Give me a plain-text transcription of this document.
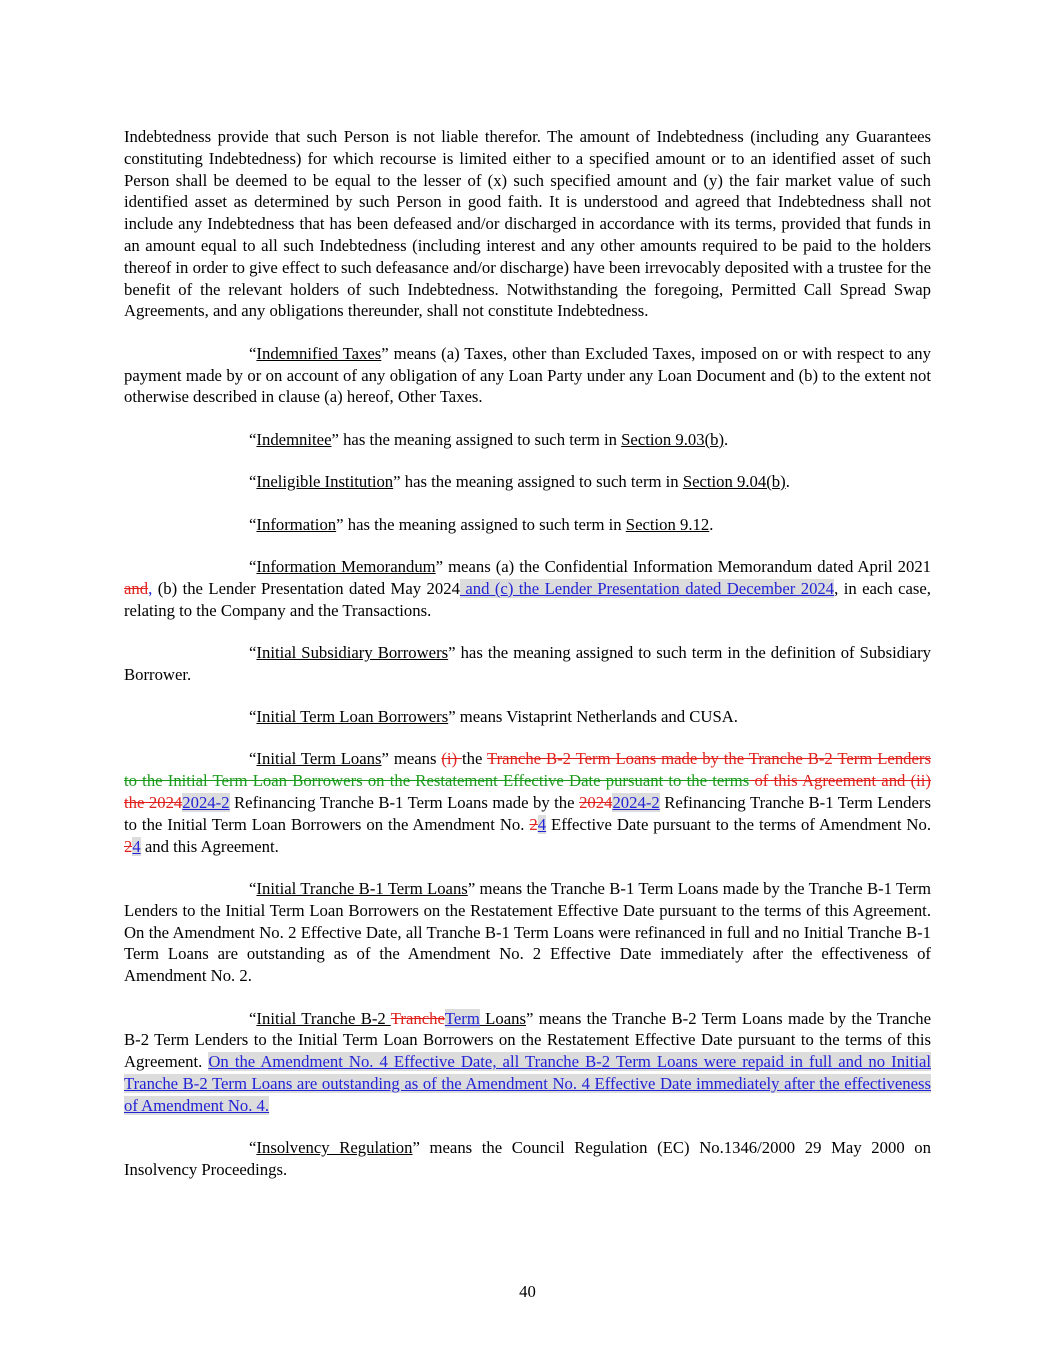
Indebtedness provide that such Person is not liable therefor. The amount of Indebtedness (including any Guarantees constituting Indebtedness) for which recourse is limited either to a specified amount or to an identified asset of such Person shall be deemed to be equal to the lesser of (x) such specified amount and (y) the fair market value of such identified asset as determined by such Person in good faith. It is understood and agreed that Indebtedness shall not include any Indebtedness that has been defeased and/or discharged in accordance with its terms, provided that funds in an amount equal to all such Indebtedness (including interest and any other amounts required to be paid to the holders thereof in order to give effect to such defeasance and/or discharge) have been irrevocably deposited with a trustee for the benefit of the relevant holders of such Indebtedness. Notwithstanding the foregoing, Permitted Call Spread Swap Agreements, and any obligations thereunder, shall not constitute Indebtedness.

“Indemnified Taxes” means (a) Taxes, other than Excluded Taxes, imposed on or with respect to any payment made by or on account of any obligation of any Loan Party under any Loan Document and (b) to the extent not otherwise described in clause (a) hereof, Other Taxes.

“Indemnitee” has the meaning assigned to such term in Section 9.03(b).

“Ineligible Institution” has the meaning assigned to such term in Section 9.04(b).

“Information” has the meaning assigned to such term in Section 9.12.

“Information Memorandum” means (a) the Confidential Information Memorandum dated April 2021 and, (b) the Lender Presentation dated May 2024 and (c) the Lender Presentation dated December 2024, in each case, relating to the Company and the Transactions.

“Initial Subsidiary Borrowers” has the meaning assigned to such term in the definition of Subsidiary Borrower.

“Initial Term Loan Borrowers” means Vistaprint Netherlands and CUSA.

“Initial Term Loans” means (i) the Tranche B-2 Term Loans made by the Tranche B-2 Term Lenders to the Initial Term Loan Borrowers on the Restatement Effective Date pursuant to the terms of this Agreement and (ii) the 20242024-2 Refinancing Tranche B-1 Term Loans made by the 20242024-2 Refinancing Tranche B-1 Term Lenders to the Initial Term Loan Borrowers on the Amendment No. 24 Effective Date pursuant to the terms of Amendment No. 24 and this Agreement.

“Initial Tranche B-1 Term Loans” means the Tranche B-1 Term Loans made by the Tranche B-1 Term Lenders to the Initial Term Loan Borrowers on the Restatement Effective Date pursuant to the terms of this Agreement. On the Amendment No. 2 Effective Date, all Tranche B-1 Term Loans were refinanced in full and no Initial Tranche B-1 Term Loans are outstanding as of the Amendment No. 2 Effective Date immediately after the effectiveness of Amendment No. 2.

“Initial Tranche B-2 TrancheTerm Loans” means the Tranche B-2 Term Loans made by the Tranche B-2 Term Lenders to the Initial Term Loan Borrowers on the Restatement Effective Date pursuant to the terms of this Agreement. On the Amendment No. 4 Effective Date, all Tranche B-2 Term Loans were repaid in full and no Initial Tranche B-2 Term Loans are outstanding as of the Amendment No. 4 Effective Date immediately after the effectiveness of Amendment No. 4.

“Insolvency Regulation” means the Council Regulation (EC) No.1346/2000 29 May 2000 on Insolvency Proceedings.

40
